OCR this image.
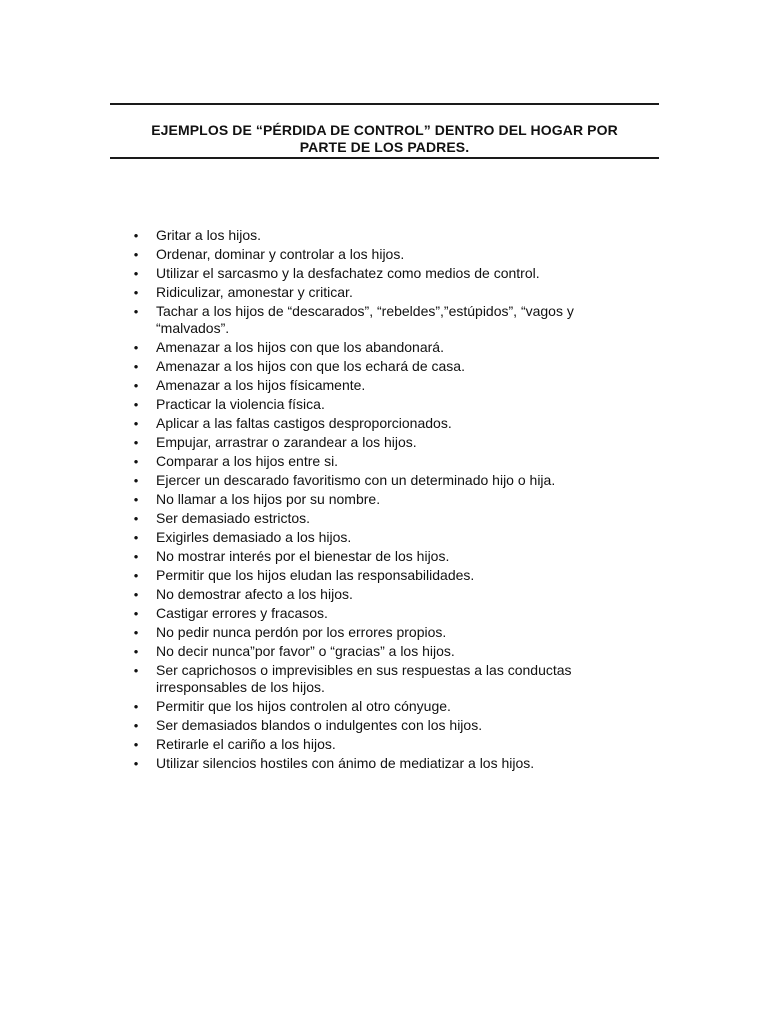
EJEMPLOS DE “PÉRDIDA DE CONTROL” DENTRO DEL HOGAR POR
PARTE DE LOS PADRES.
• Gritar a los hijos.
• Ordenar, dominar y controlar a los hijos.
• Utilizar el sarcasmo y la desfachatez como medios de control.
• Ridiculizar, amonestar y criticar.
• Tachar a los hijos de “descarados”, “rebeldes”,”estúpidos”, “vagos y “malvados”.
• Amenazar a los hijos con que los abandonará.
• Amenazar a los hijos con que los echará de casa.
• Amenazar a los hijos físicamente.
• Practicar la violencia física.
• Aplicar a las faltas castigos desproporcionados.
• Empujar, arrastrar o zarandear a los hijos.
• Comparar a los hijos entre si.
• Ejercer un descarado favoritismo con un determinado hijo o hija.
• No llamar a los hijos por su nombre.
• Ser demasiado estrictos.
• Exigirles demasiado a los hijos.
• No mostrar interés por el bienestar de los hijos.
• Permitir que los hijos eludan las responsabilidades.
• No demostrar afecto a los hijos.
• Castigar errores y fracasos.
• No pedir nunca perdón por los errores propios.
• No decir nunca”por favor” o “gracias” a los hijos.
• Ser caprichosos o imprevisibles en sus respuestas a las conductas irresponsables de los hijos.
• Permitir que los hijos controlen al otro cónyuge.
• Ser demasiados blandos o indulgentes con los hijos.
• Retirarle el cariño a los hijos.
• Utilizar silencios hostiles con ánimo de mediatizar a los hijos.
